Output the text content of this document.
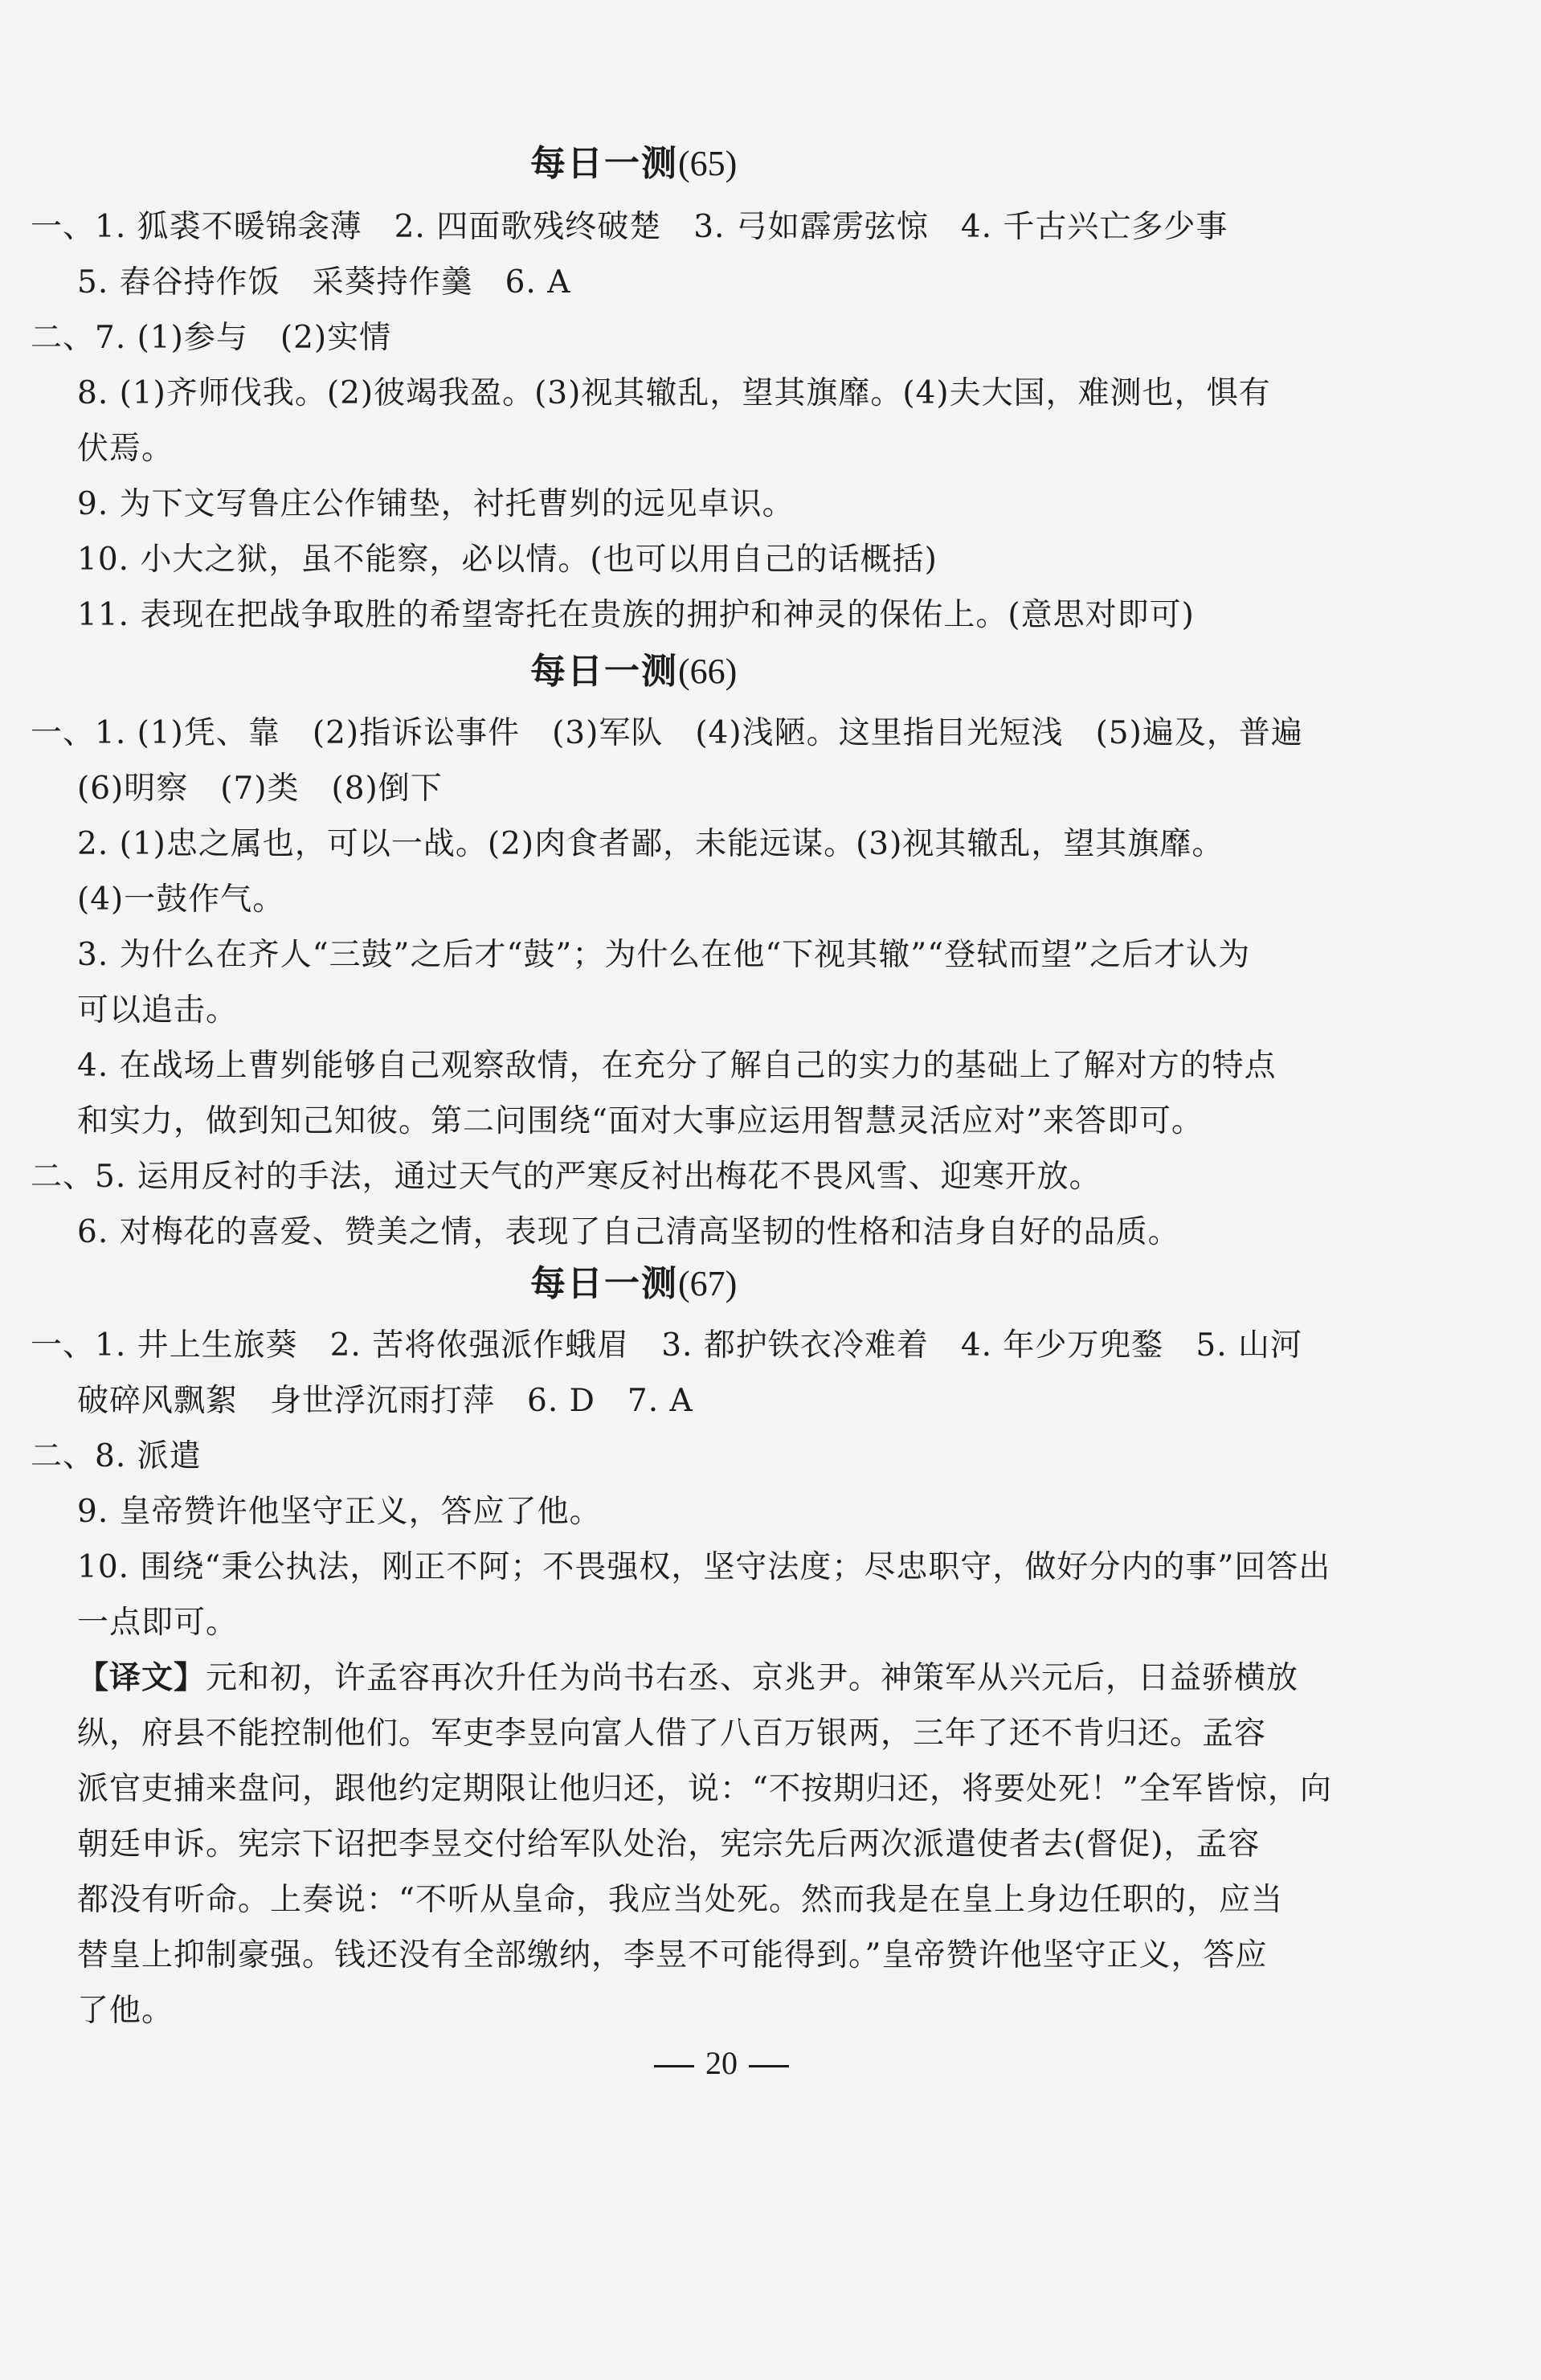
每日一测(65)
一、1. 狐裘不暖锦衾薄　2. 四面歌残终破楚　3. 弓如霹雳弦惊　4. 千古兴亡多少事
5. 舂谷持作饭　采葵持作羹　6. A
二、7. (1)参与　(2)实情
8. (1)齐师伐我。(2)彼竭我盈。(3)视其辙乱，望其旗靡。(4)夫大国，难测也，惧有
伏焉。
9. 为下文写鲁庄公作铺垫，衬托曹刿的远见卓识。
10. 小大之狱，虽不能察，必以情。(也可以用自己的话概括)
11. 表现在把战争取胜的希望寄托在贵族的拥护和神灵的保佑上。(意思对即可)
每日一测(66)
一、1. (1)凭、靠　(2)指诉讼事件　(3)军队　(4)浅陋。这里指目光短浅　(5)遍及，普遍
(6)明察　(7)类　(8)倒下
2. (1)忠之属也，可以一战。(2)肉食者鄙，未能远谋。(3)视其辙乱，望其旗靡。
(4)一鼓作气。
3. 为什么在齐人“三鼓”之后才“鼓”；为什么在他“下视其辙”“登轼而望”之后才认为
可以追击。
4. 在战场上曹刿能够自己观察敌情，在充分了解自己的实力的基础上了解对方的特点
和实力，做到知己知彼。第二问围绕“面对大事应运用智慧灵活应对”来答即可。
二、5. 运用反衬的手法，通过天气的严寒反衬出梅花不畏风雪、迎寒开放。
6. 对梅花的喜爱、赞美之情，表现了自己清高坚韧的性格和洁身自好的品质。
每日一测(67)
一、1. 井上生旅葵　2. 苦将侬强派作蛾眉　3. 都护铁衣冷难着　4. 年少万兜鍪　5. 山河
破碎风飘絮　身世浮沉雨打萍　6. D　7. A
二、8. 派遣
9. 皇帝赞许他坚守正义，答应了他。
10. 围绕“秉公执法，刚正不阿；不畏强权，坚守法度；尽忠职守，做好分内的事”回答出
一点即可。
【译文】元和初，许孟容再次升任为尚书右丞、京兆尹。神策军从兴元后，日益骄横放
纵，府县不能控制他们。军吏李昱向富人借了八百万银两，三年了还不肯归还。孟容
派官吏捕来盘问，跟他约定期限让他归还，说：“不按期归还，将要处死！”全军皆惊，向
朝廷申诉。宪宗下诏把李昱交付给军队处治，宪宗先后两次派遣使者去(督促)，孟容
都没有听命。上奏说：“不听从皇命，我应当处死。然而我是在皇上身边任职的，应当
替皇上抑制豪强。钱还没有全部缴纳，李昱不可能得到。”皇帝赞许他坚守正义，答应
了他。
20
